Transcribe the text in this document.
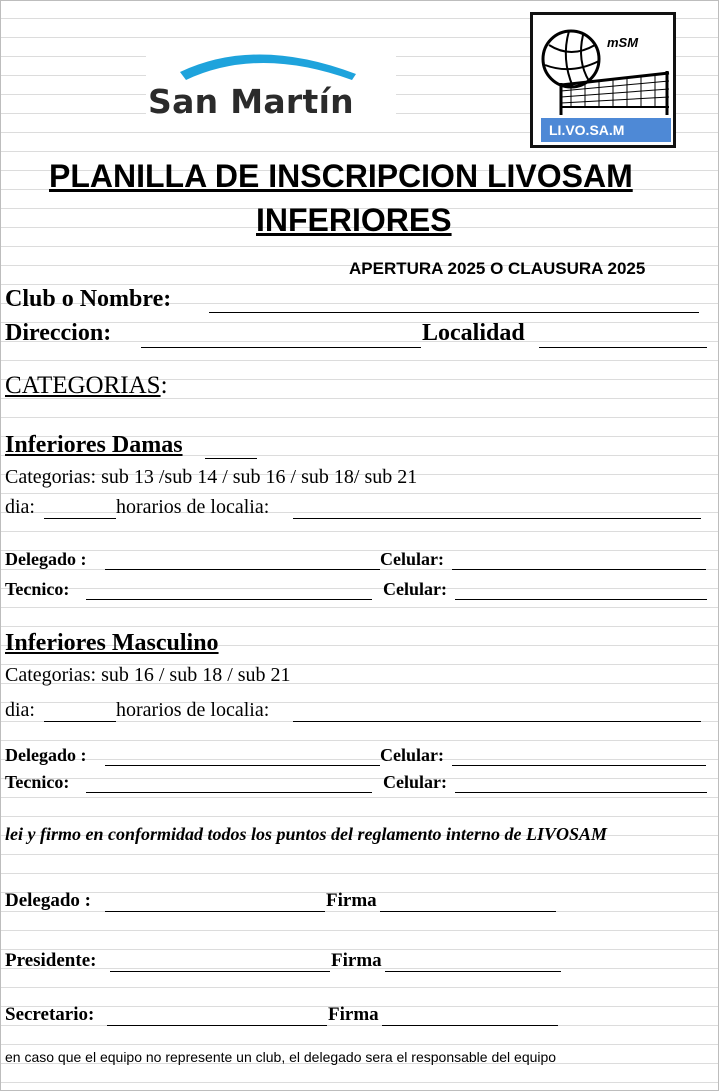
San Martín
mSM
LI.VO.SA.M
PLANILLA DE INSCRIPCION LIVOSAM
INFERIORES
APERTURA 2025 O CLAUSURA 2025
Club o Nombre:
Direccion:	Localidad
CATEGORIAS:
Inferiores Damas
Categorias: sub 13 /sub 14 / sub 16 / sub 18/ sub 21
dia:	horarios de localia:
Delegado :	Celular:
Tecnico:	Celular:
Inferiores Masculino
Categorias: sub 16 / sub 18 / sub 21
dia:	horarios de localia:
Delegado :	Celular:
Tecnico:	Celular:
lei y firmo en conformidad todos los puntos del reglamento interno de LIVOSAM
Delegado :	Firma
Presidente:	Firma
Secretario:	Firma
en caso que el equipo no represente un club, el delegado sera el responsable del equipo
